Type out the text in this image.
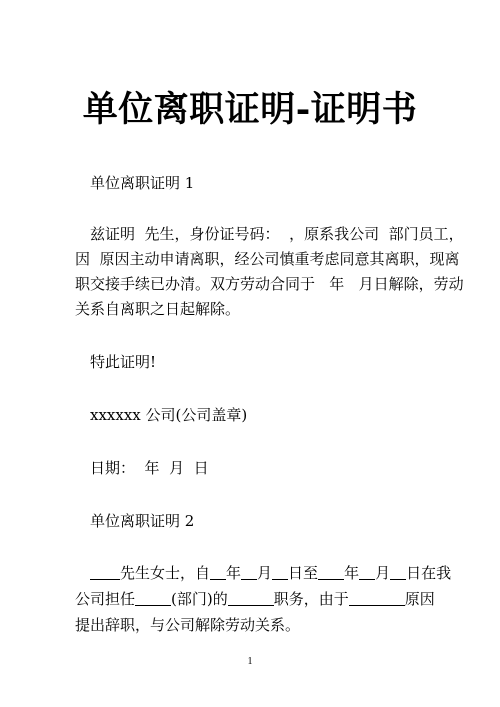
单位离职证明-证明书
单位离职证明 1
兹证明  先生，身份证号码：  ，原系我公司  部门员工，
因  原因主动申请离职，经公司慎重考虑同意其离职，现离
职交接手续已办清。双方劳动合同于   年   月日解除，劳动
关系自离职之日起解除。
特此证明!
xxxxxx 公司(公司盖章)
日期：  年  月  日
单位离职证明 2
先生女士，自 年 月 日至 年 月 日在我
公司担任 (部门)的	职务，由于	原因
提出辞职，与公司解除劳动关系。
1
